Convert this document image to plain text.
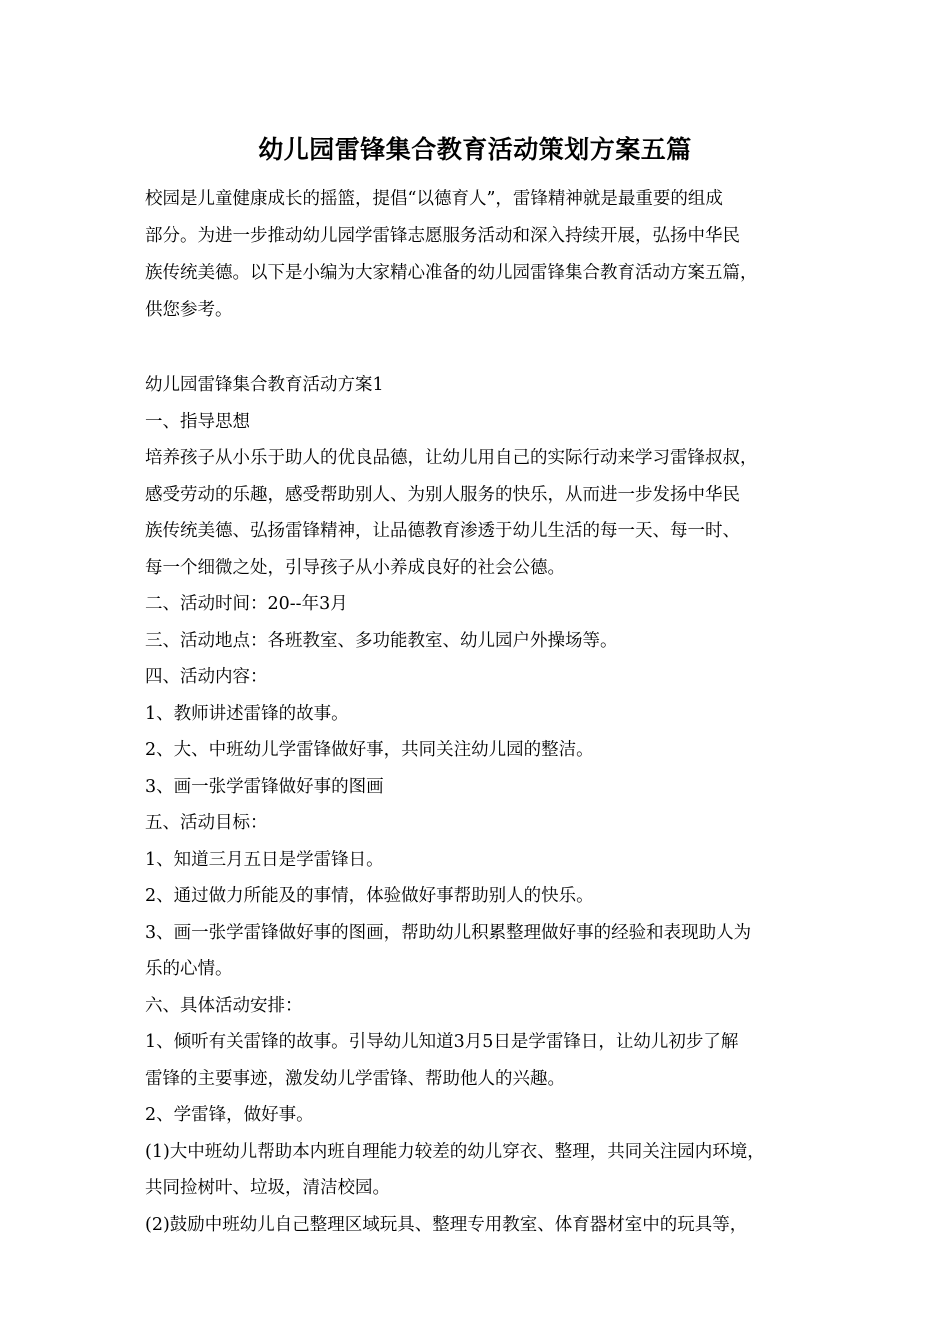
幼儿园雷锋集合教育活动策划方案五篇
校园是儿童健康成长的摇篮，提倡“以德育人”，雷锋精神就是最重要的组成
部分。为进一步推动幼儿园学雷锋志愿服务活动和深入持续开展，弘扬中华民
族传统美德。以下是小编为大家精心准备的幼儿园雷锋集合教育活动方案五篇，
供您参考。
幼儿园雷锋集合教育活动方案1
一、指导思想
培养孩子从小乐于助人的优良品德，让幼儿用自己的实际行动来学习雷锋叔叔，
感受劳动的乐趣，感受帮助别人、为别人服务的快乐，从而进一步发扬中华民
族传统美德、弘扬雷锋精神，让品德教育渗透于幼儿生活的每一天、每一时、
每一个细微之处，引导孩子从小养成良好的社会公德。
二、活动时间：20--年3月
三、活动地点：各班教室、多功能教室、幼儿园户外操场等。
四、活动内容：
1、教师讲述雷锋的故事。
2、大、中班幼儿学雷锋做好事，共同关注幼儿园的整洁。
3、画一张学雷锋做好事的图画
五、活动目标：
1、知道三月五日是学雷锋日。
2、通过做力所能及的事情，体验做好事帮助别人的快乐。
3、画一张学雷锋做好事的图画，帮助幼儿积累整理做好事的经验和表现助人为
乐的心情。
六、具体活动安排：
1、倾听有关雷锋的故事。引导幼儿知道3月5日是学雷锋日，让幼儿初步了解
雷锋的主要事迹，激发幼儿学雷锋、帮助他人的兴趣。
2、学雷锋，做好事。
(1)大中班幼儿帮助本内班自理能力较差的幼儿穿衣、整理，共同关注园内环境，
共同捡树叶、垃圾，清洁校园。
(2)鼓励中班幼儿自己整理区域玩具、整理专用教室、体育器材室中的玩具等，
